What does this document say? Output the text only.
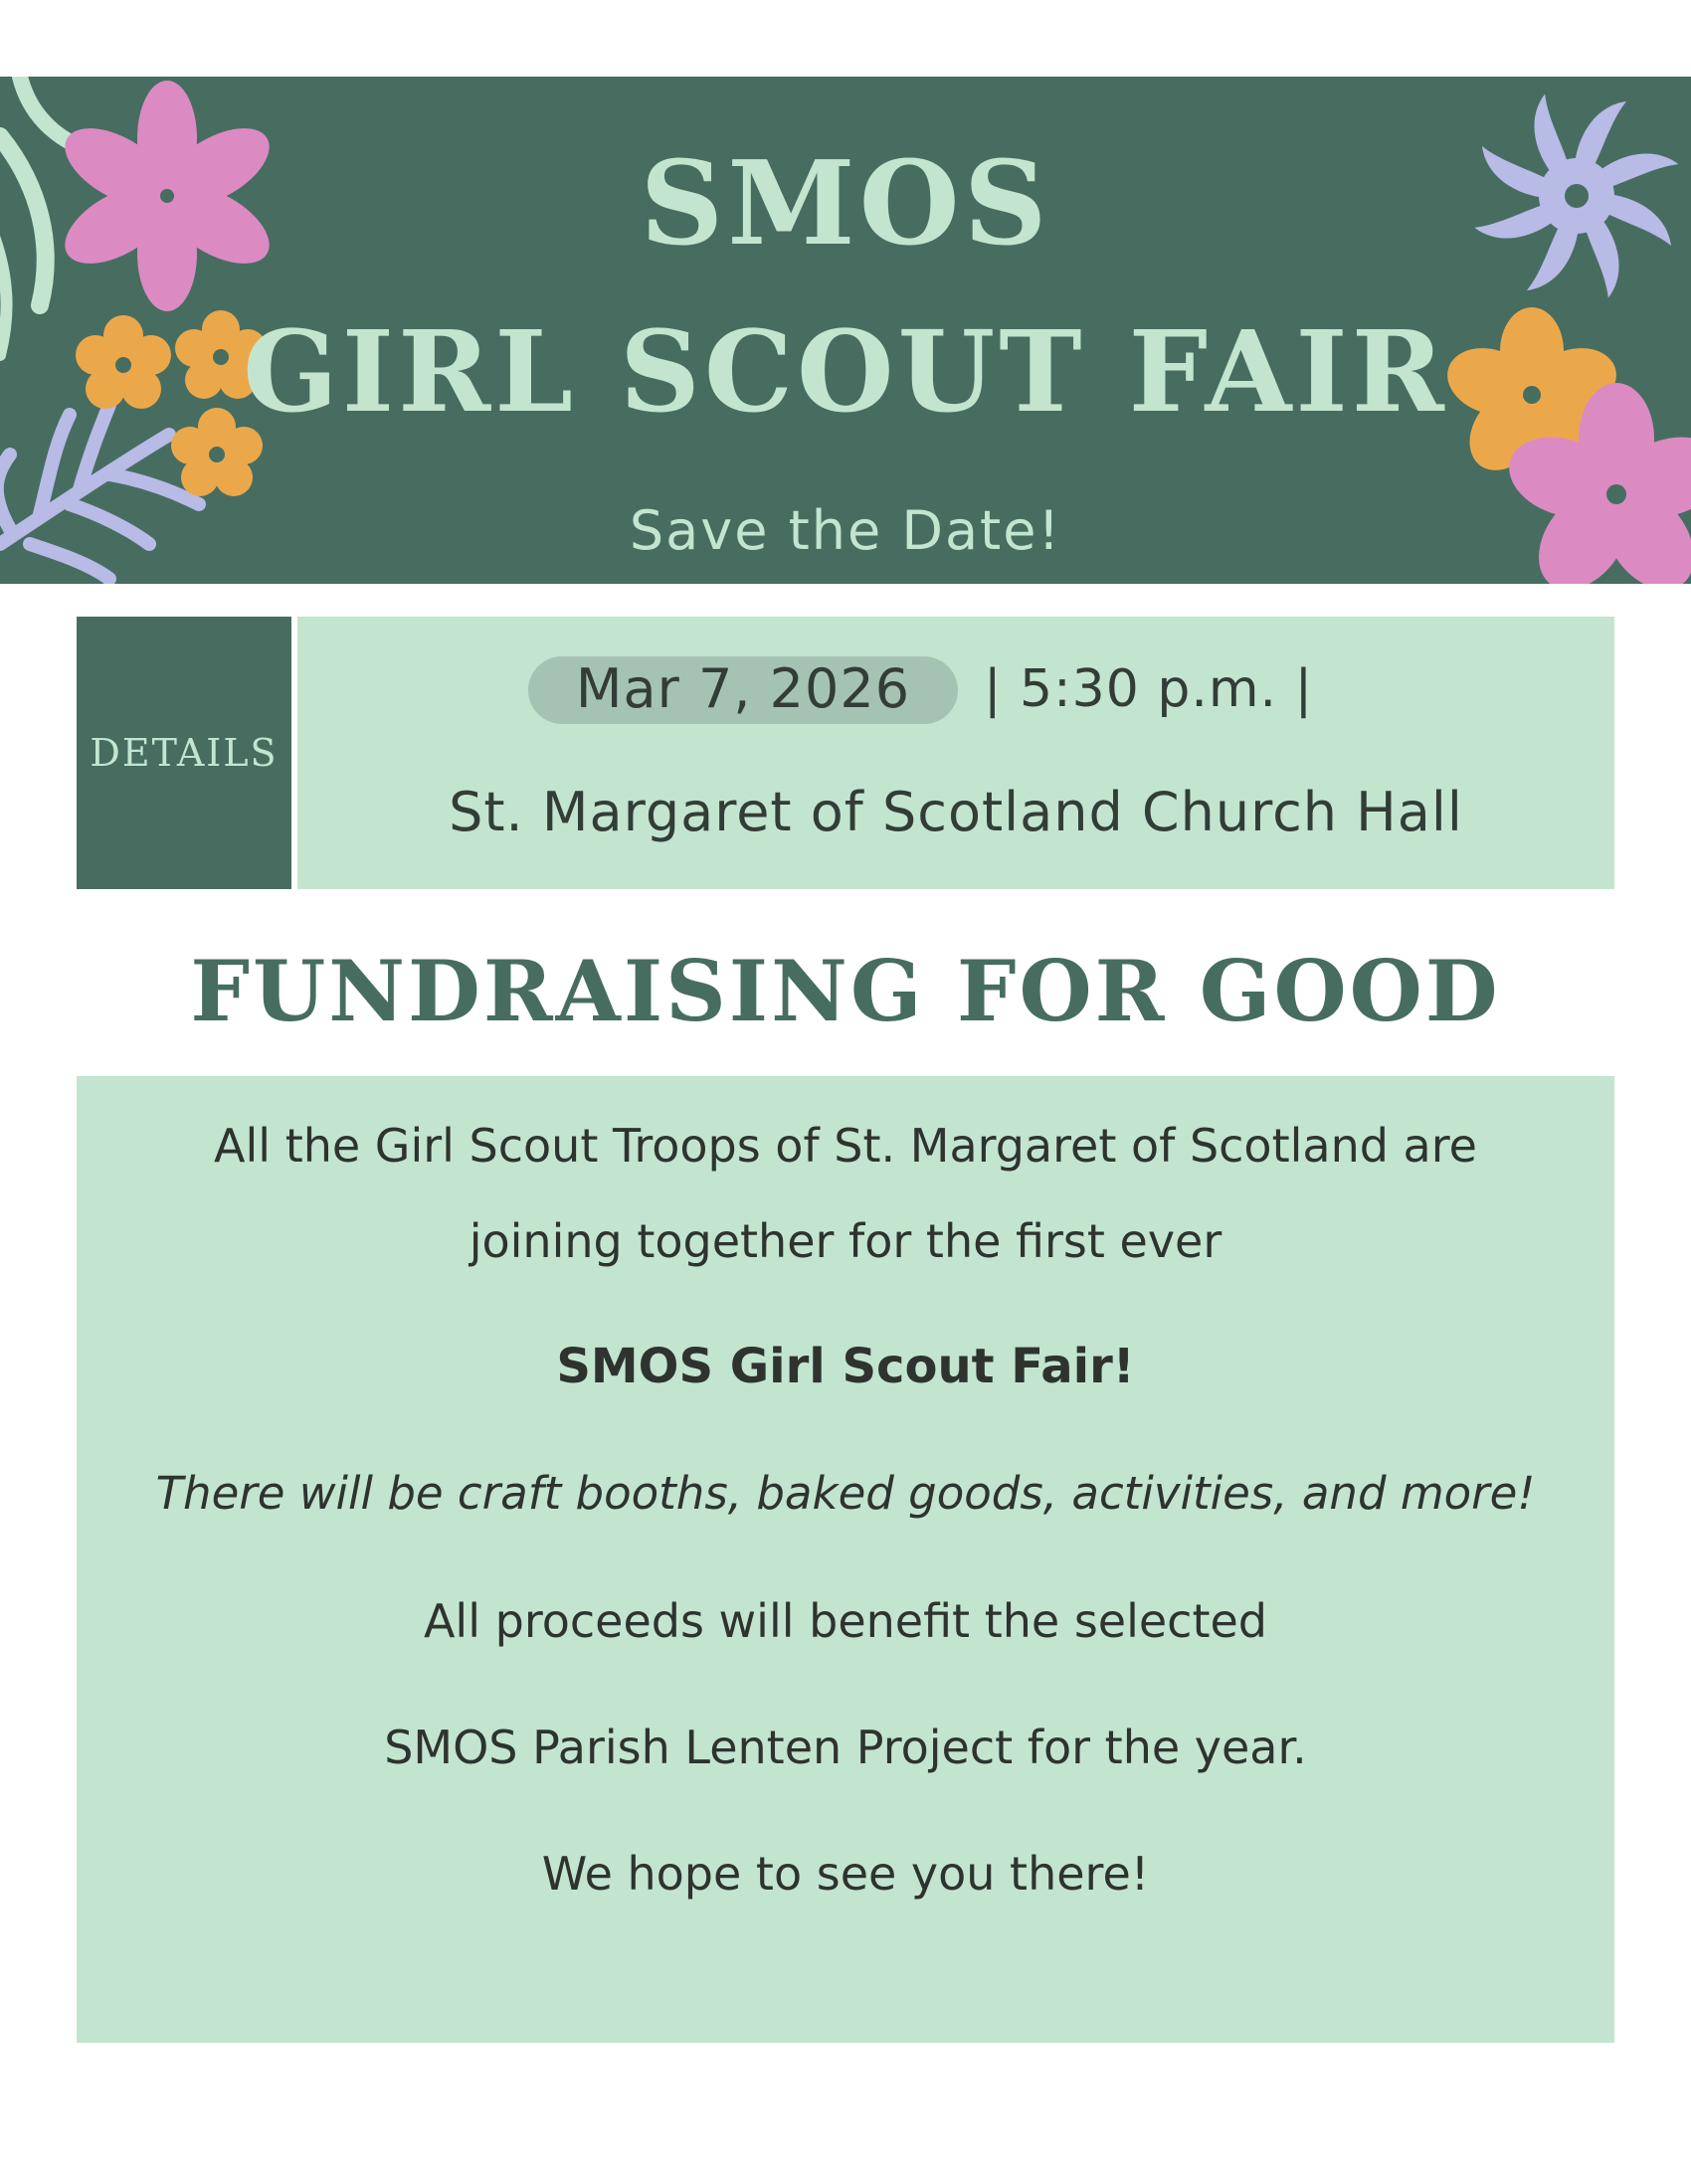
SMOS
GIRL SCOUT FAIR
Save the Date!
DETAILS
Mar 7, 2026	| 5:30 p.m. |
St. Margaret of Scotland Church Hall
FUNDRAISING FOR GOOD
All the Girl Scout Troops of St. Margaret of Scotland are
joining together for the first ever
SMOS Girl Scout Fair!
There will be craft booths, baked goods, activities, and more!
All proceeds will benefit the selected
SMOS Parish Lenten Project for the year.
We hope to see you there!
